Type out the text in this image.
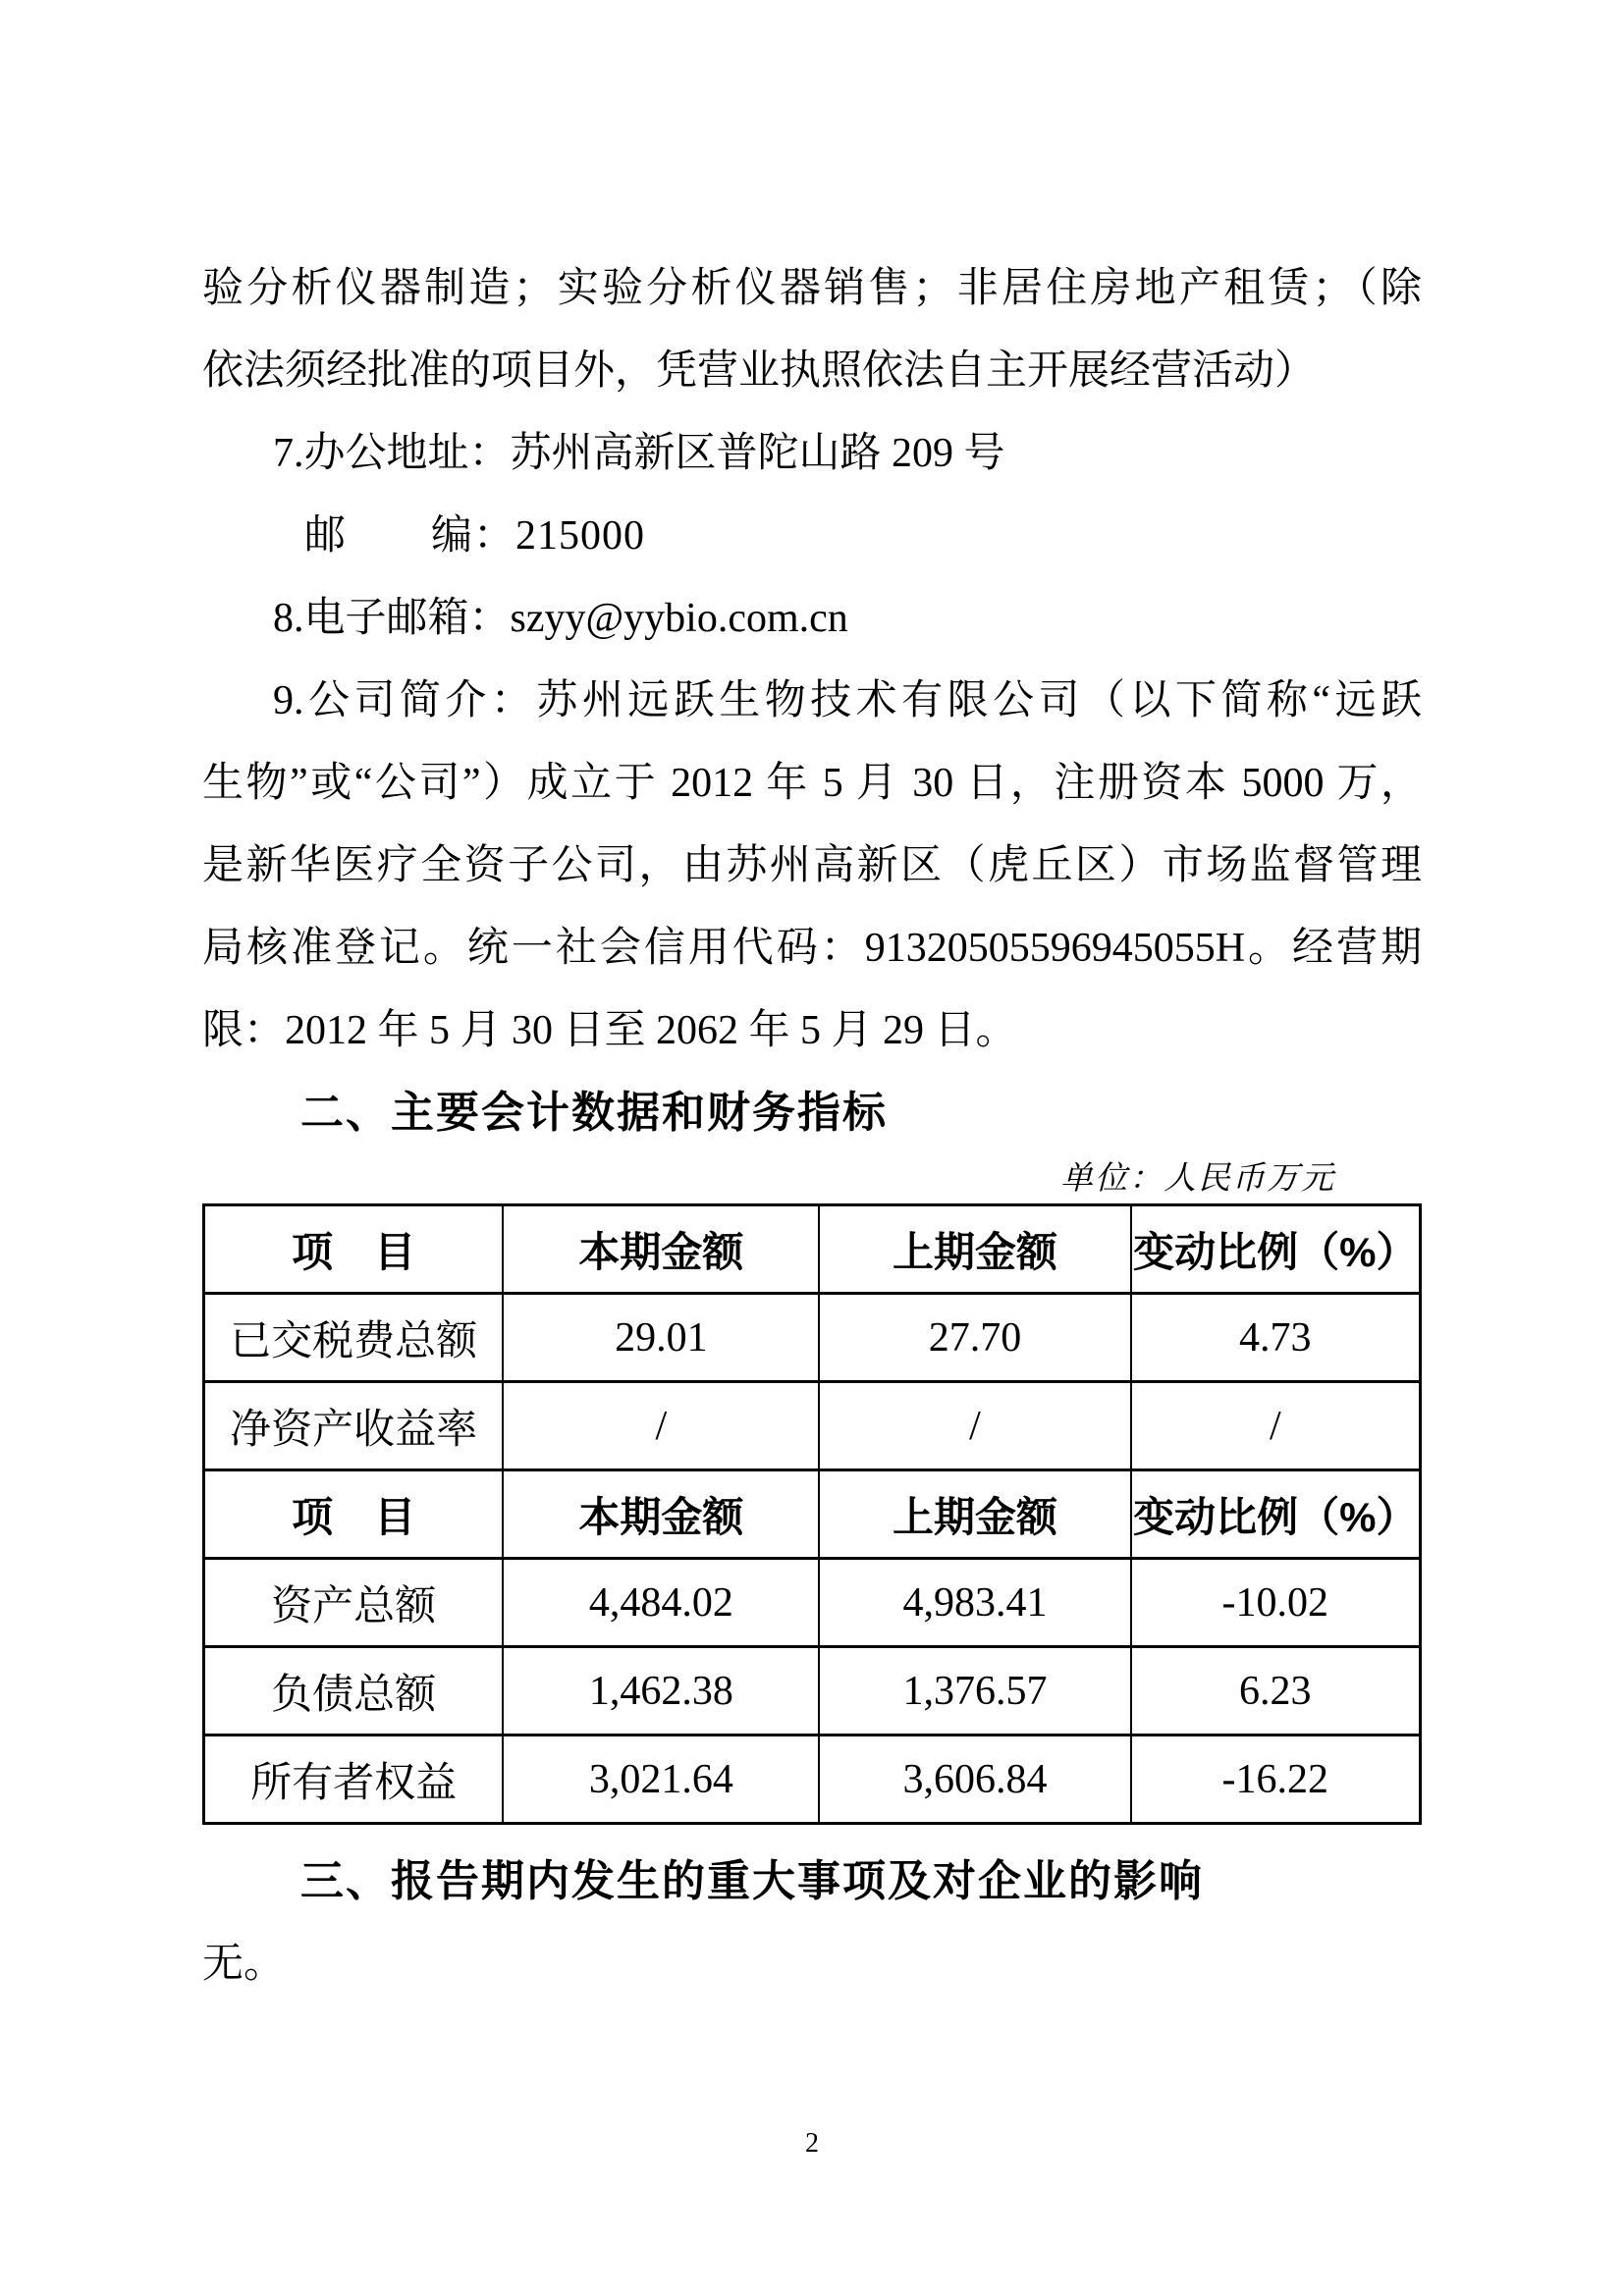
验分析仪器制造；实验分析仪器销售；非居住房地产租赁；（除
依法须经批准的项目外，凭营业执照依法自主开展经营活动）
7.办公地址：苏州高新区普陀山路 209 号
邮　　编：215000
8.电子邮箱：szyy@yybio.com.cn
9.公司简介：苏州远跃生物技术有限公司（以下简称“远跃
生物”或“公司”）成立于 2012 年 5 月 30 日，注册资本 5000 万，
是新华医疗全资子公司，由苏州高新区（虎丘区）市场监督管理
局核准登记。统一社会信用代码：91320505596945055H。经营期
限：2012 年 5 月 30 日至 2062 年 5 月 29 日。
二、主要会计数据和财务指标
单位：人民币万元
项　目	本期金额	上期金额	变动比例（%）
已交税费总额	29.01	27.70	4.73
净资产收益率	/	/	/
项　目	本期金额	上期金额	变动比例（%）
资产总额	4,484.02	4,983.41	-10.02
负债总额	1,462.38	1,376.57	6.23
所有者权益	3,021.64	3,606.84	-16.22
三、报告期内发生的重大事项及对企业的影响
无。
2
